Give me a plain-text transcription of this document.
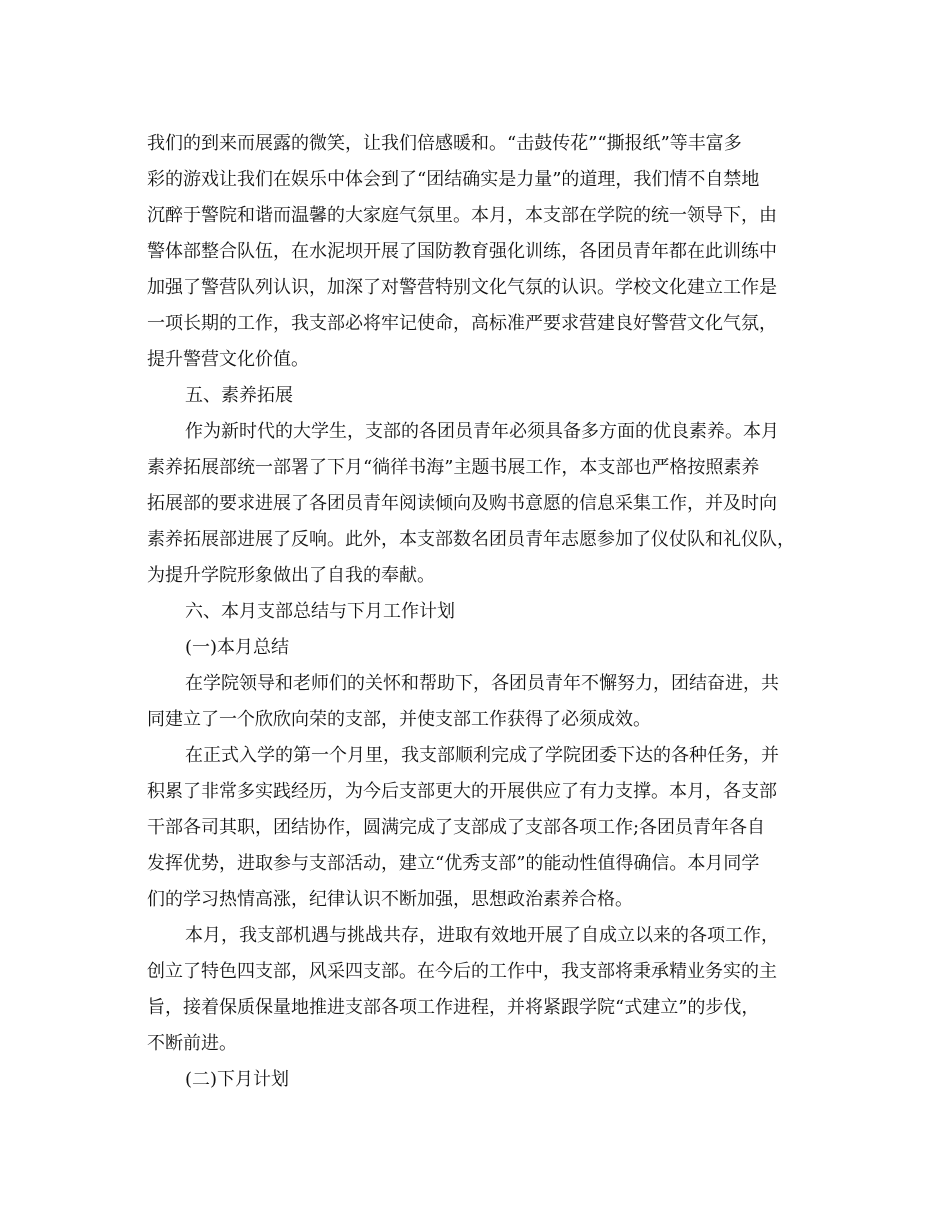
我们的到来而展露的微笑，让我们倍感暖和。“击鼓传花”“撕报纸”等丰富多
彩的游戏让我们在娱乐中体会到了“团结确实是力量”的道理，我们情不自禁地
沉醉于警院和谐而温馨的大家庭气氛里。本月，本支部在学院的统一领导下，由
警体部整合队伍，在水泥坝开展了国防教育强化训练，各团员青年都在此训练中
加强了警营队列认识，加深了对警营特别文化气氛的认识。学校文化建立工作是
一项长期的工作，我支部必将牢记使命，高标准严要求营建良好警营文化气氛，
提升警营文化价值。
五、素养拓展
作为新时代的大学生，支部的各团员青年必须具备多方面的优良素养。本月
素养拓展部统一部署了下月“徜徉书海”主题书展工作，本支部也严格按照素养
拓展部的要求进展了各团员青年阅读倾向及购书意愿的信息采集工作，并及时向
素养拓展部进展了反响。此外，本支部数名团员青年志愿参加了仪仗队和礼仪队，
为提升学院形象做出了自我的奉献。
六、本月支部总结与下月工作计划
(一)本月总结
在学院领导和老师们的关怀和帮助下，各团员青年不懈努力，团结奋进，共
同建立了一个欣欣向荣的支部，并使支部工作获得了必须成效。
在正式入学的第一个月里，我支部顺利完成了学院团委下达的各种任务，并
积累了非常多实践经历，为今后支部更大的开展供应了有力支撑。本月，各支部
干部各司其职，团结协作，圆满完成了支部成了支部各项工作;各团员青年各自
发挥优势，进取参与支部活动，建立“优秀支部”的能动性值得确信。本月同学
们的学习热情高涨，纪律认识不断加强，思想政治素养合格。
本月，我支部机遇与挑战共存，进取有效地开展了自成立以来的各项工作，
创立了特色四支部，风采四支部。在今后的工作中，我支部将秉承精业务实的主
旨，接着保质保量地推进支部各项工作进程，并将紧跟学院“式建立”的步伐，
不断前进。
(二)下月计划
